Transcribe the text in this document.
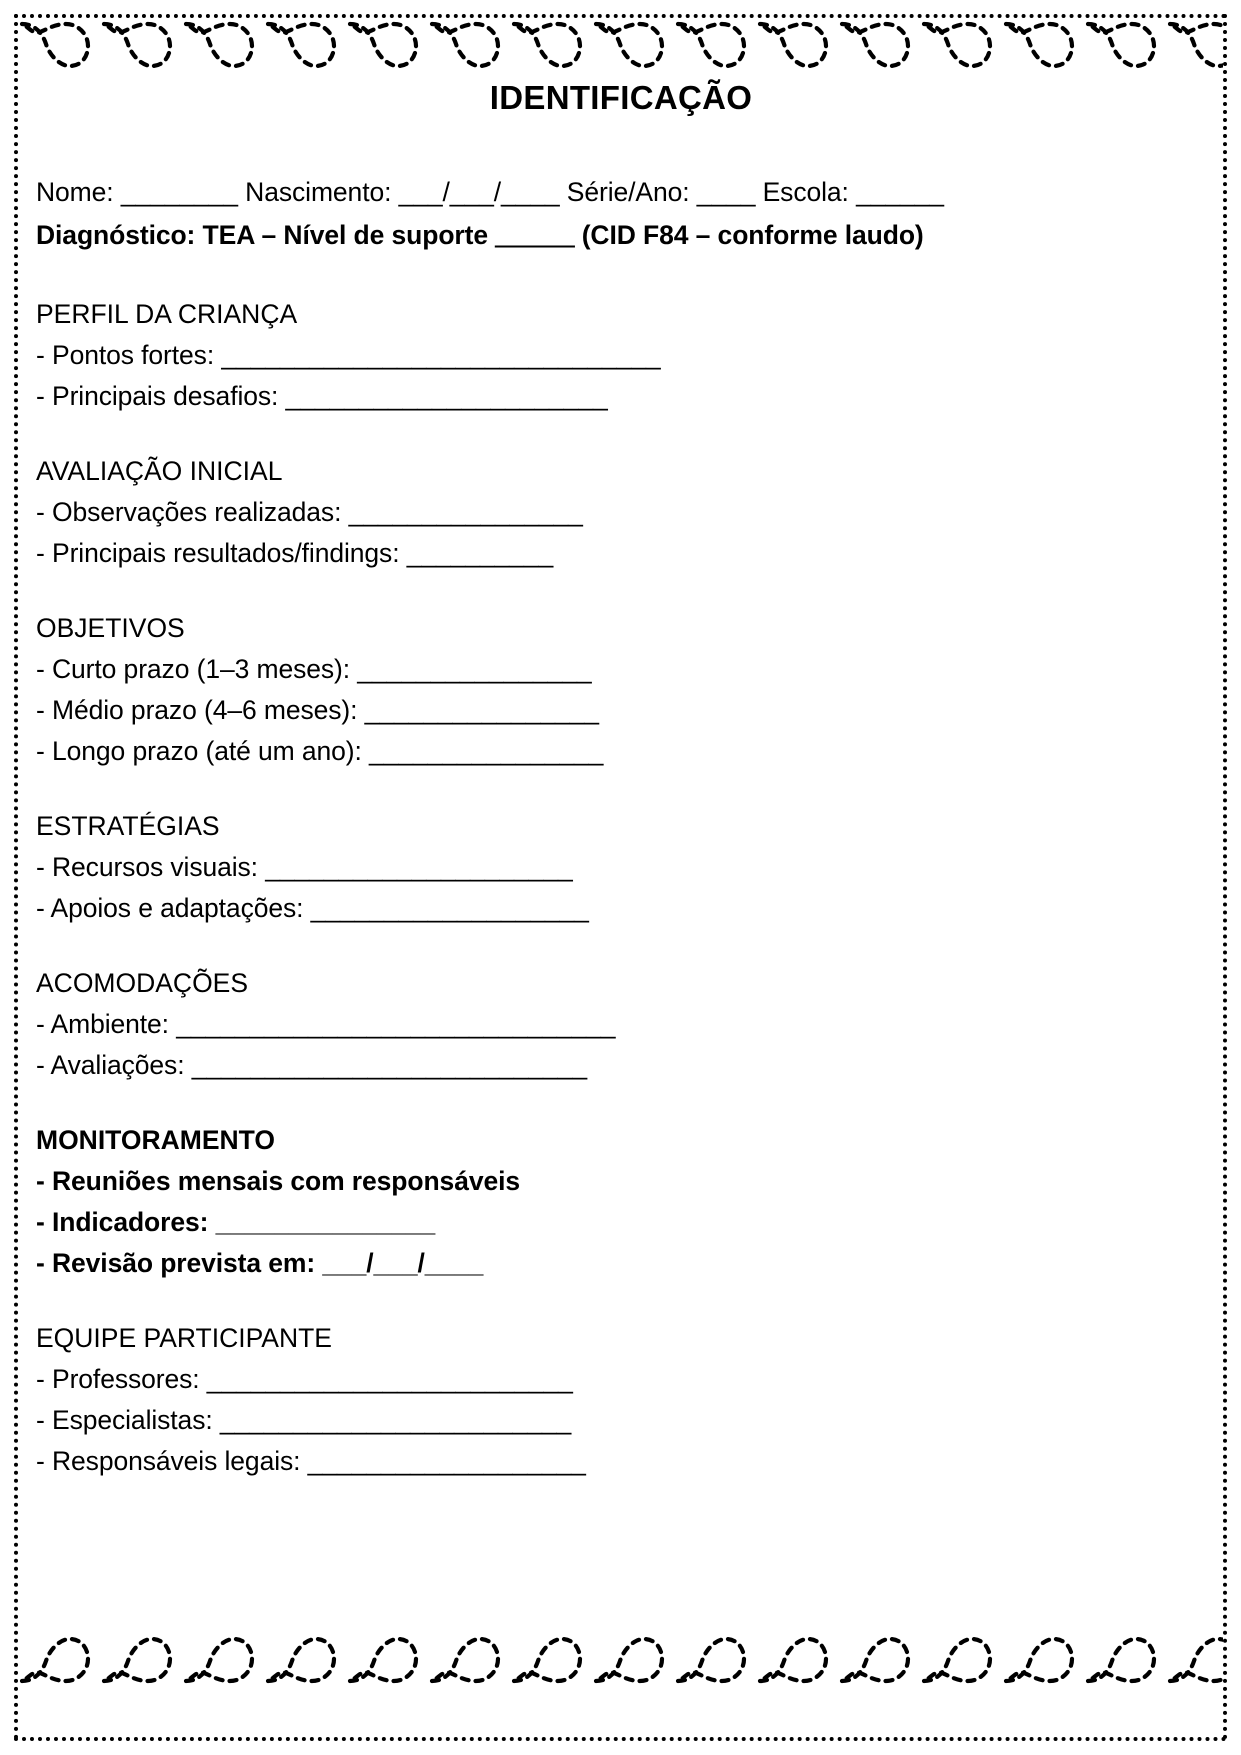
IDENTIFICAÇÃO
Nome: ________ Nascimento: ___/___/____ Série/Ano: ____ Escola: ______
Diagnóstico: TEA – Nível de suporte ＿＿＿ (CID F84 – conforme laudo)
PERFIL DA CRIANÇA
- Pontos fortes: ______________________________
- Principais desafios: ______________________
AVALIAÇÃO INICIAL
- Observações realizadas: ________________
- Principais resultados/findings: __________
OBJETIVOS
- Curto prazo (1–3 meses): ________________
- Médio prazo (4–6 meses): ________________
- Longo prazo (até um ano): ________________
ESTRATÉGIAS
- Recursos visuais: _____________________
- Apoios e adaptações: ___________________
ACOMODAÇÕES
- Ambiente: ______________________________
- Avaliações: ___________________________
MONITORAMENTO
- Reuniões mensais com responsáveis
- Indicadores: _______________
- Revisão prevista em: ___/___/____
EQUIPE PARTICIPANTE
- Professores: _________________________
- Especialistas: ________________________
- Responsáveis legais: ___________________
